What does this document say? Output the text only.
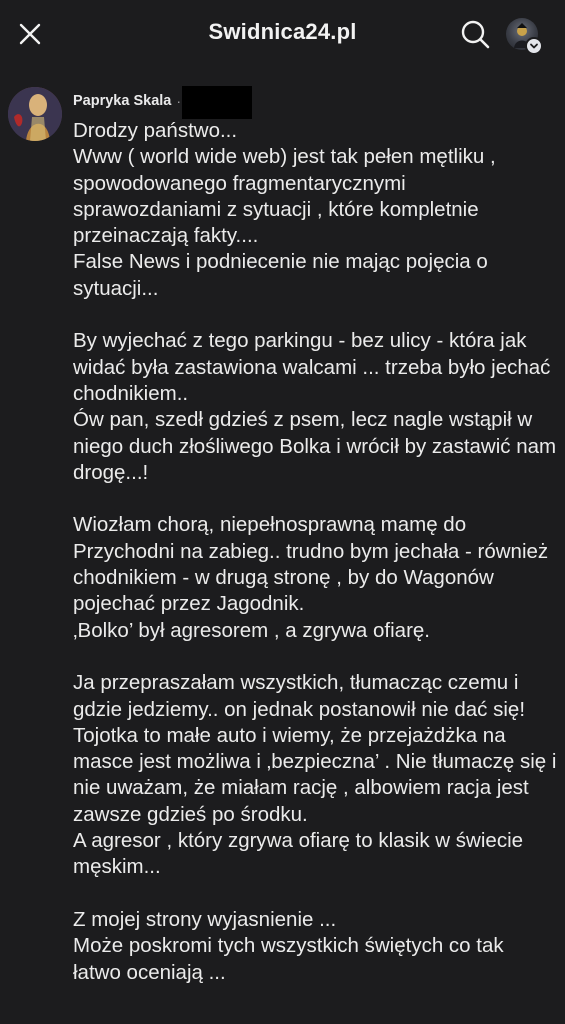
Swidnica24.pl
Papryka Skala ·
Drodzy państwo...
Www ( world wide web) jest tak pełen mętliku , spowodowanego fragmentarycznymi sprawozdaniami z sytuacji , które kompletnie przeinaczają fakty....
False News i podniecenie nie mając pojęcia o sytuacji...

By wyjechać z tego parkingu - bez ulicy - która jak widać była zastawiona walcami ... trzeba było jechać chodnikiem..
Ów pan, szedł gdzieś z psem, lecz nagle wstąpił w niego duch złośliwego Bolka i wrócił by zastawić nam drogę...!

Wiozłam chorą, niepełnosprawną mamę do Przychodni na zabieg.. trudno bym jechała - również chodnikiem - w drugą stronę , by do Wagonów pojechać przez Jagodnik.
‚Bolko’ był agresorem , a zgrywa ofiarę.

Ja przepraszałam wszystkich, tłumacząc czemu i gdzie jedziemy.. on jednak postanowił nie dać się!
Tojotka to małe auto i wiemy, że przejażdżka na masce jest możliwa i ‚bezpieczna’ . Nie tłumaczę się i nie uważam, że miałam rację , albowiem racja jest zawsze gdzieś po środku.
A agresor , który zgrywa ofiarę to klasik w świecie męskim...

Z mojej strony wyjasnienie ...
Może poskromi tych wszystkich świętych co tak łatwo oceniają ...
